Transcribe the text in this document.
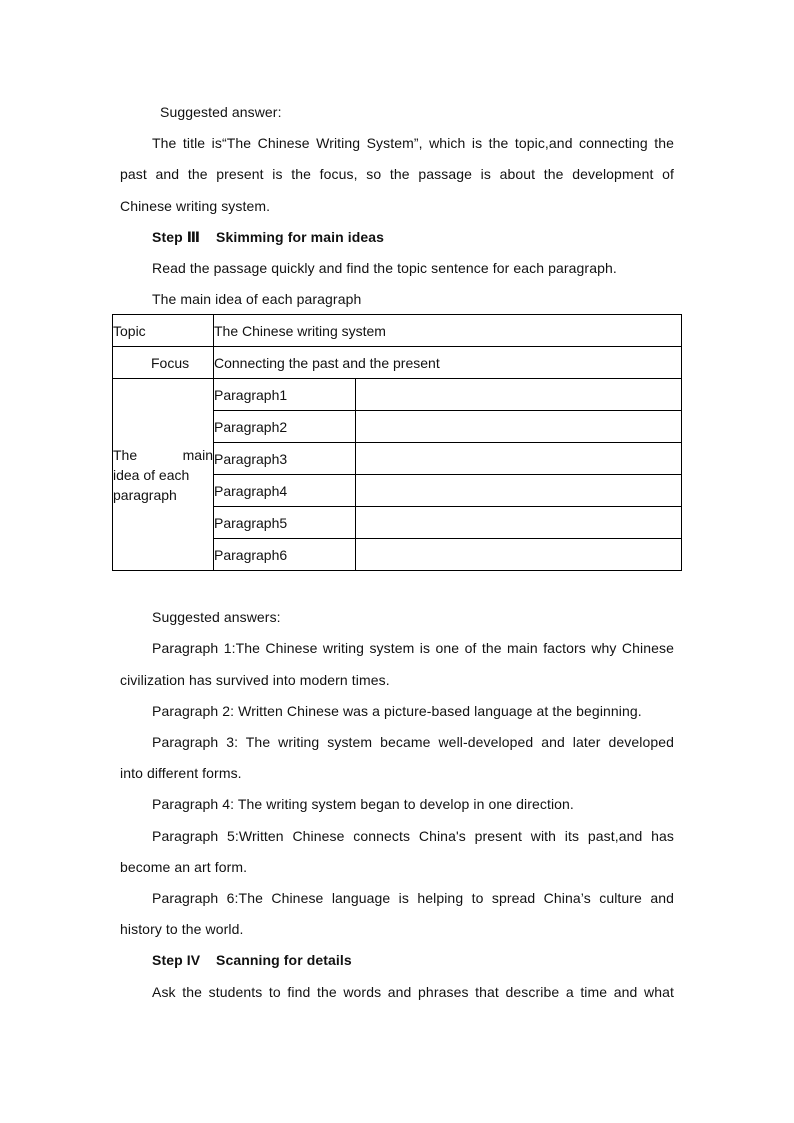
Suggested answer:
The title is“The Chinese Writing System”, which is the topic,and connecting the
past and the present is the focus, so the passage is about the development of
Chinese writing system.
Step Ⅲ Skimming for main ideas
Read the passage quickly and find the topic sentence for each paragraph.
The main idea of each paragraph
Topic	The Chinese writing system	
Focus	Connecting the past and the present	

The main
idea of each
paragraph	Paragraph1	
	Paragraph2	
	Paragraph3	
	Paragraph4	
	Paragraph5	
	Paragraph6	
Suggested answers:
Paragraph 1:The Chinese writing system is one of the main factors why Chinese
civilization has survived into modern times.
Paragraph 2: Written Chinese was a picture-based language at the beginning.
Paragraph 3: The writing system became well-developed and later developed
into different forms.
Paragraph 4: The writing system began to develop in one direction.
Paragraph 5:Written Chinese connects China's present with its past,and has
become an art form.
Paragraph 6:The Chinese language is helping to spread China’s culture and
history to the world.
Step IV Scanning for details
Ask the students to find the words and phrases that describe a time and what
